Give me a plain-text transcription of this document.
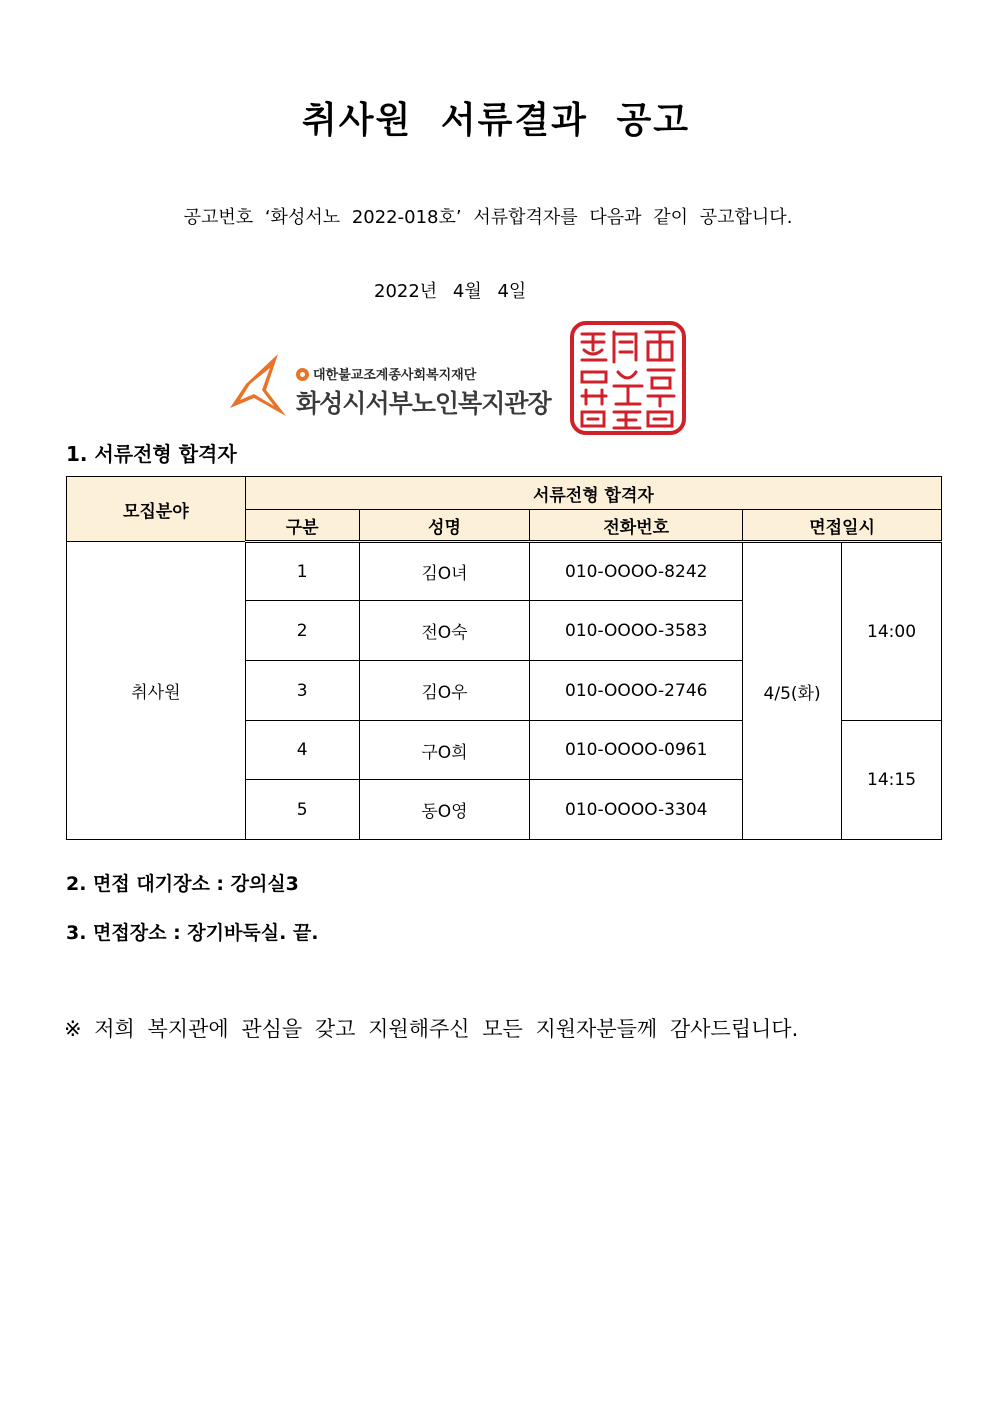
취사원 서류결과 공고
공고번호 ‘화성서노 2022-018호’ 서류합격자를 다음과 같이 공고합니다.
2022년 4월 4일
대한불교조계종사회복지재단
화성시서부노인복지관장
1. 서류전형 합격자
모집분야	서류전형 합격자				
	구분	성명	전화번호	면접일시	
취사원	1	김O녀	010-OOOO-8242	4/5(화)	14:00
	2	전O숙	010-OOOO-3583		
	3	김O우	010-OOOO-2746		
	4	구O희	010-OOOO-0961		14:15
	5	동O영	010-OOOO-3304		
2. 면접 대기장소 : 강의실3
3. 면접장소 : 장기바둑실. 끝.
※ 저희 복지관에 관심을 갖고 지원해주신 모든 지원자분들께 감사드립니다.
